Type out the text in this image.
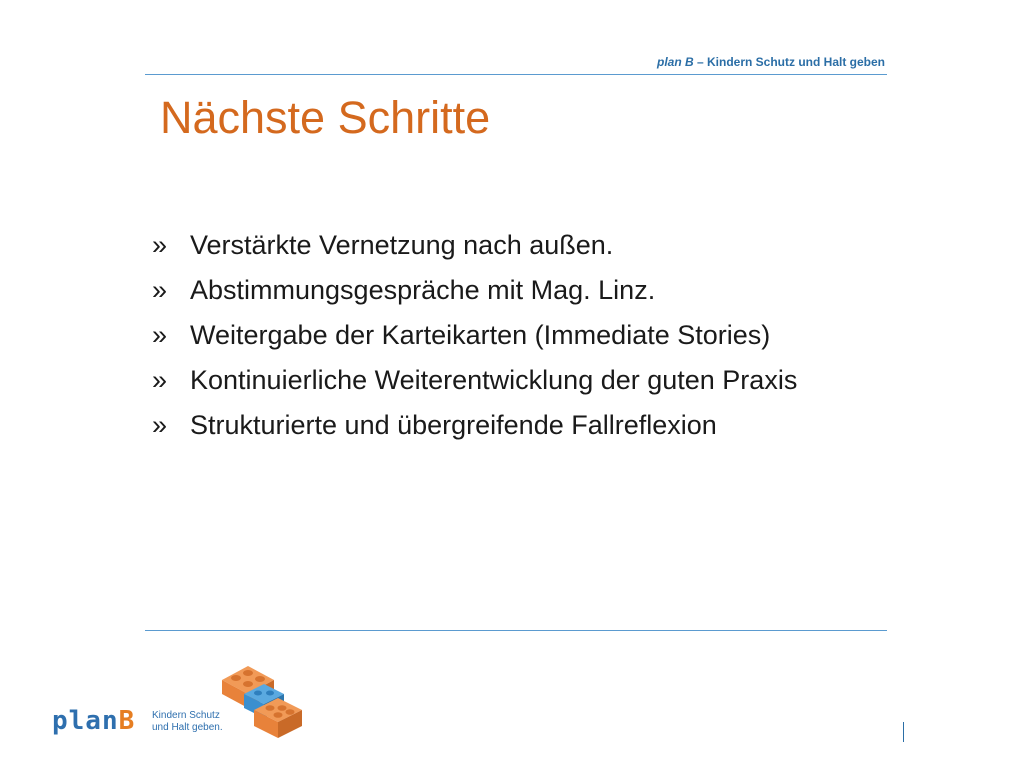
plan B – Kindern Schutz und Halt geben
Nächste Schritte
» Verstärkte Vernetzung nach außen.
» Abstimmungsgespräche mit Mag. Linz.
» Weitergabe der Karteikarten (Immediate Stories)
» Kontinuierliche Weiterentwicklung der guten Praxis
» Strukturierte und übergreifende Fallreflexion
planB Kindern Schutz
und Halt geben.
